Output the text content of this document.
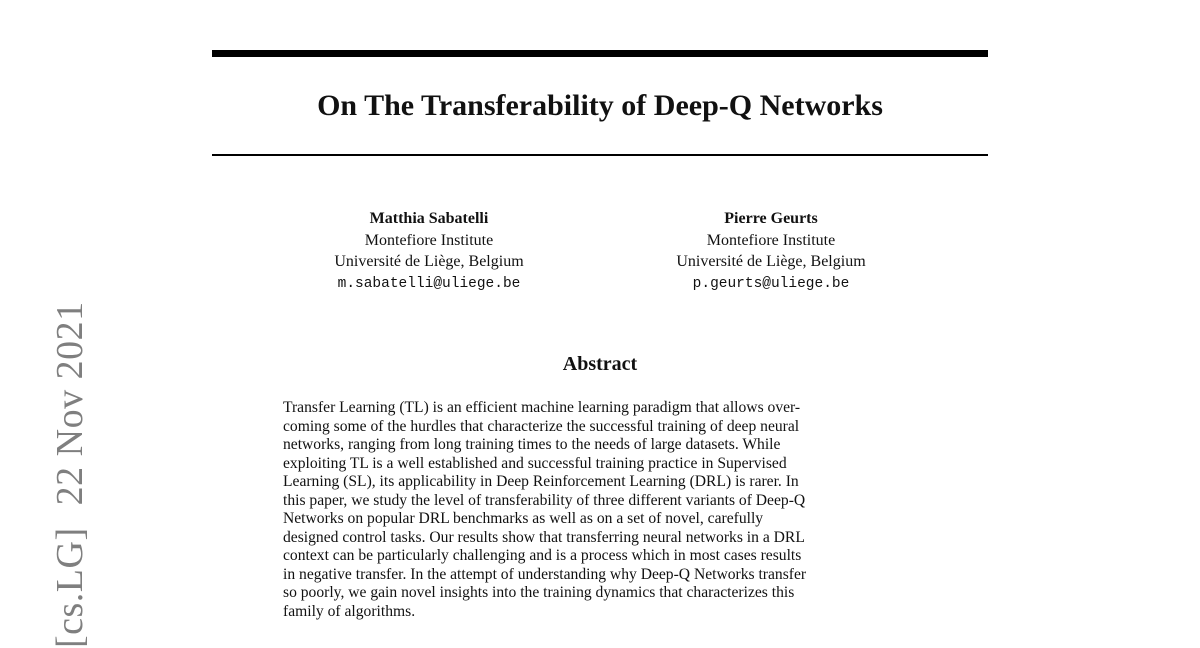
[cs.LG]22 Nov 2021
On The Transferability of Deep-Q Networks
Matthia Sabatelli
Montefiore Institute
Université de Liège, Belgium
m.sabatelli@uliege.be
Pierre Geurts
Montefiore Institute
Université de Liège, Belgium
p.geurts@uliege.be
Abstract
Transfer Learning (TL) is an efficient machine learning paradigm that allows over-
coming some of the hurdles that characterize the successful training of deep neural
networks, ranging from long training times to the needs of large datasets. While
exploiting TL is a well established and successful training practice in Supervised
Learning (SL), its applicability in Deep Reinforcement Learning (DRL) is rarer. In
this paper, we study the level of transferability of three different variants of Deep-Q
Networks on popular DRL benchmarks as well as on a set of novel, carefully
designed control tasks. Our results show that transferring neural networks in a DRL
context can be particularly challenging and is a process which in most cases results
in negative transfer. In the attempt of understanding why Deep-Q Networks transfer
so poorly, we gain novel insights into the training dynamics that characterizes this
family of algorithms.
